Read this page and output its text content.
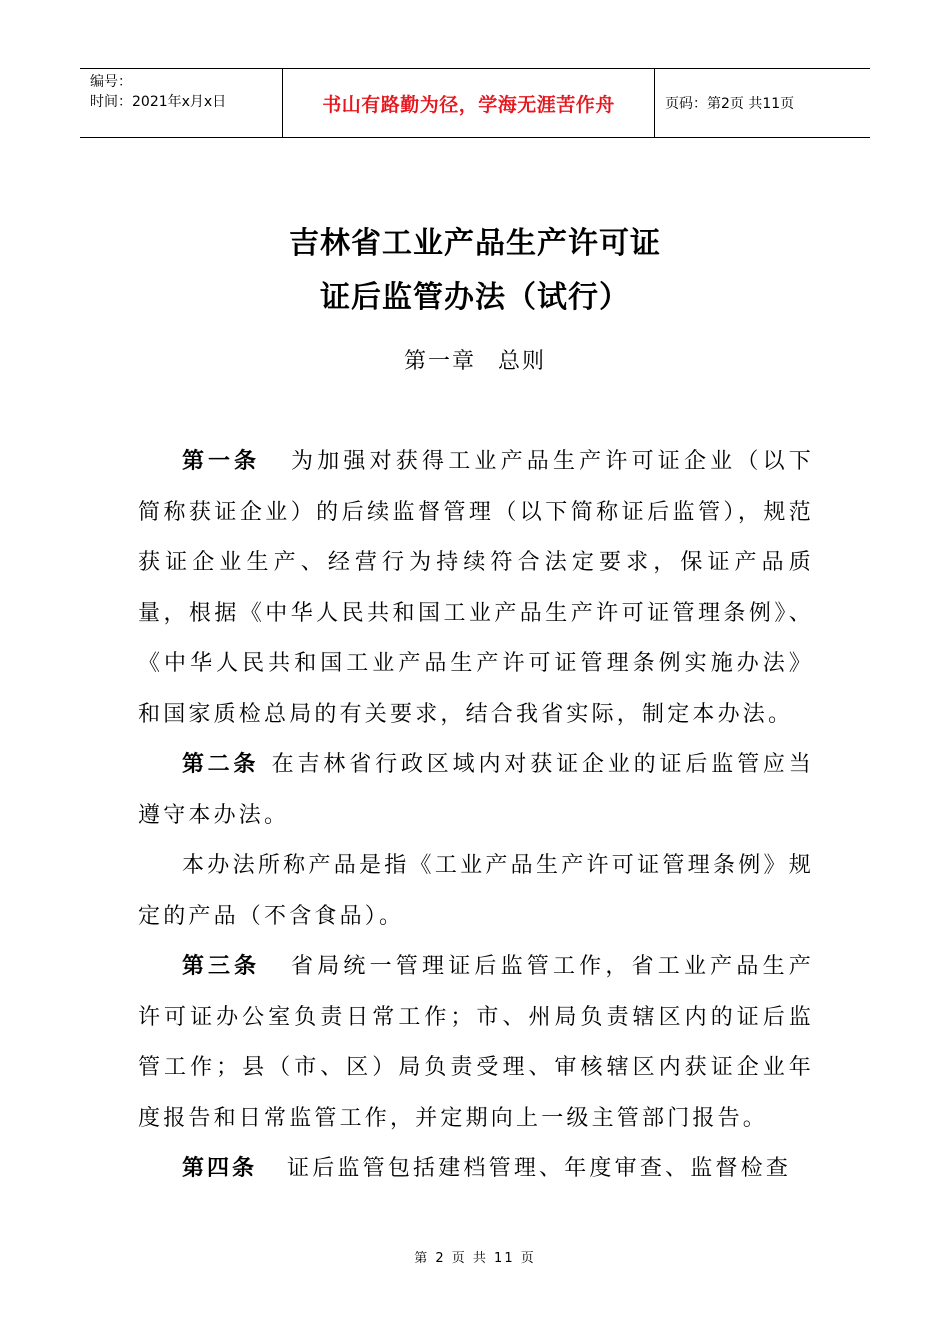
编号：
时间：2021年x月x日	书山有路勤为径，学海无涯苦作舟	页码：第2页 共11页
吉林省工业产品生产许可证
证后监管办法（试行）
第一章 总则

第一条 为加强对获得工业产品生产许可证企业（以下简称获证企业）的后续监督管理（以下简称证后监管），规范获证企业生产、经营行为持续符合法定要求，保证产品质量，根据《中华人民共和国工业产品生产许可证管理条例》、《中华人民共和国工业产品生产许可证管理条例实施办法》和国家质检总局的有关要求，结合我省实际，制定本办法。

第二条 在吉林省行政区域内对获证企业的证后监管应当遵守本办法。

本办法所称产品是指《工业产品生产许可证管理条例》规定的产品（不含食品）。

第三条 省局统一管理证后监管工作，省工业产品生产许可证办公室负责日常工作；市、州局负责辖区内的证后监管工作；县（市、区）局负责受理、审核辖区内获证企业年度报告和日常监管工作，并定期向上一级主管部门报告。

第四条 证后监管包括建档管理、年度审查、监督检查

第 2 页 共 11 页
